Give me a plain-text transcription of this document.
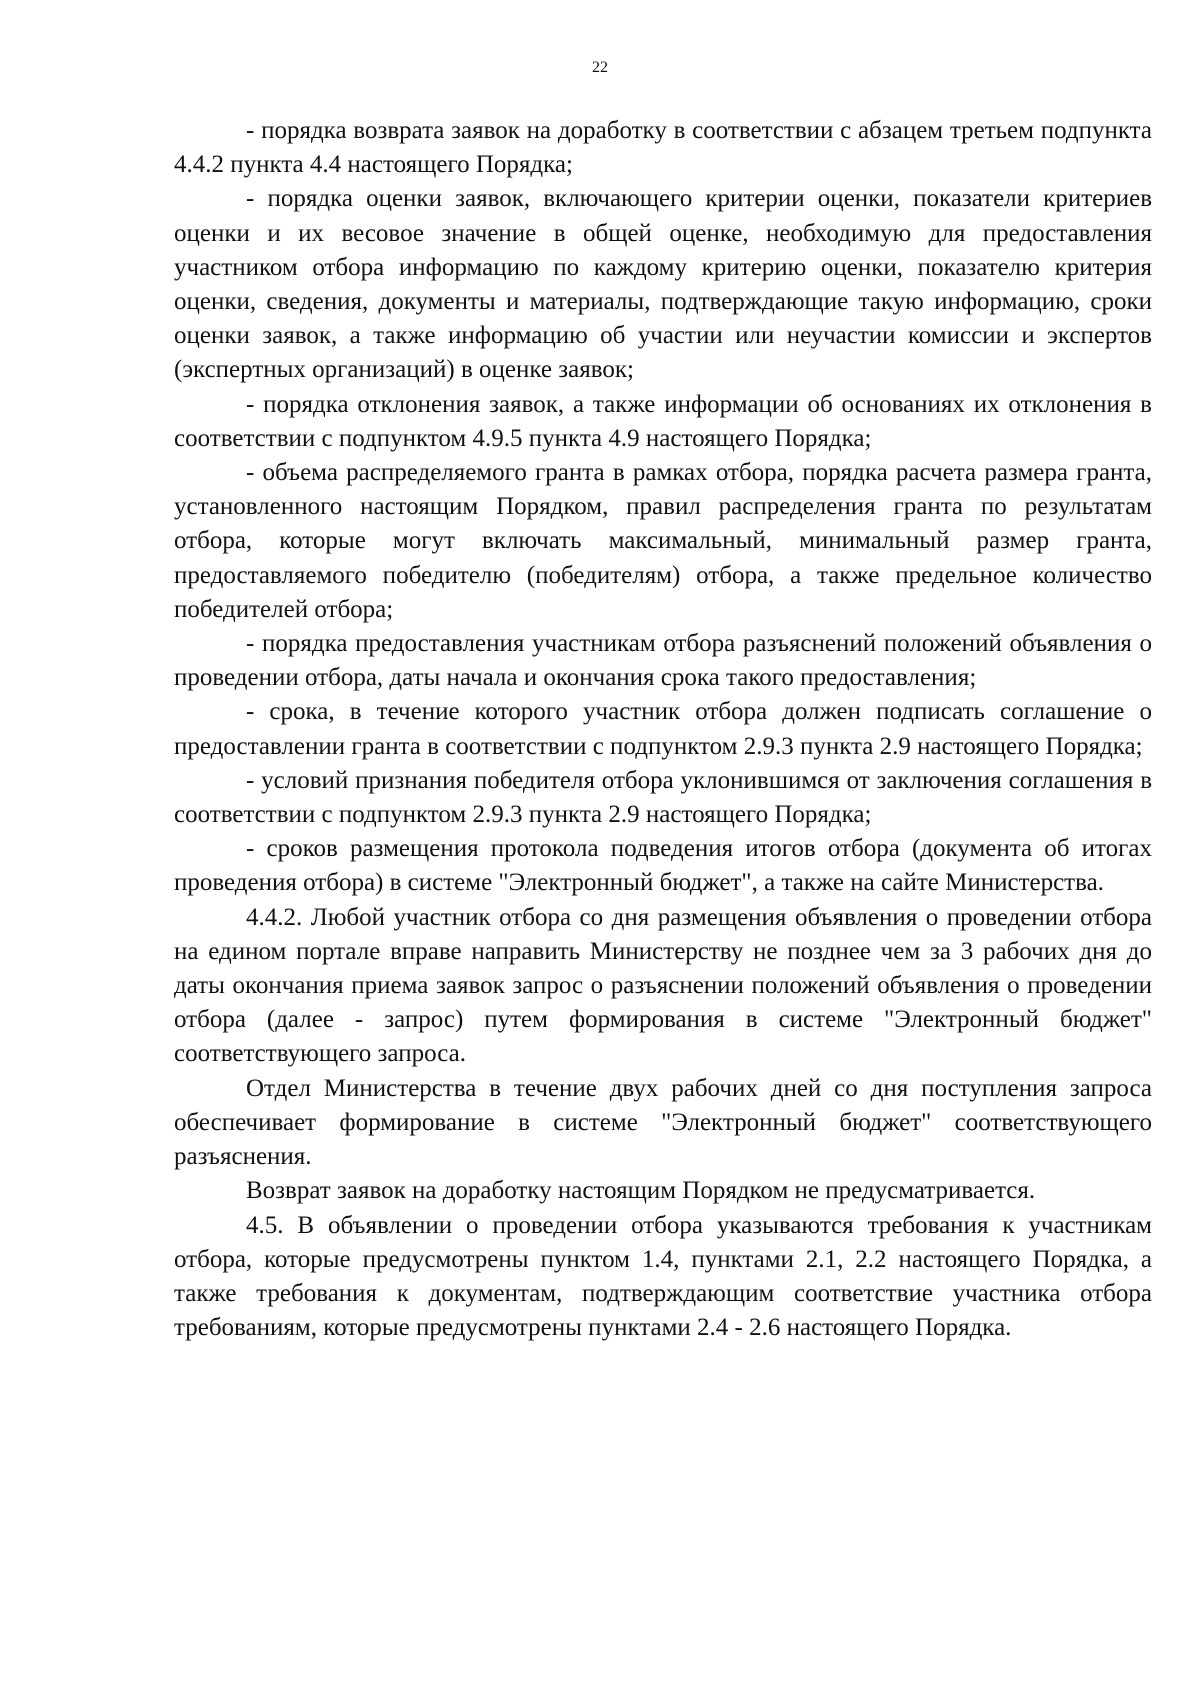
22

- порядка возврата заявок на доработку в соответствии с абзацем третьем подпункта 4.4.2 пункта 4.4 настоящего Порядка;

- порядка оценки заявок, включающего критерии оценки, показатели критериев оценки и их весовое значение в общей оценке, необходимую для предоставления участником отбора информацию по каждому критерию оценки, показателю критерия оценки, сведения, документы и материалы, подтверждающие такую информацию, сроки оценки заявок, а также информацию об участии или неучастии комиссии и экспертов (экспертных организаций) в оценке заявок;

- порядка отклонения заявок, а также информации об основаниях их отклонения в соответствии с подпунктом 4.9.5 пункта 4.9 настоящего Порядка;

- объема распределяемого гранта в рамках отбора, порядка расчета размера гранта, установленного настоящим Порядком, правил распределения гранта по результатам отбора, которые могут включать максимальный, минимальный размер гранта, предоставляемого победителю (победителям) отбора, а также предельное количество победителей отбора;

- порядка предоставления участникам отбора разъяснений положений объявления о проведении отбора, даты начала и окончания срока такого предоставления;

- срока, в течение которого участник отбора должен подписать соглашение о предоставлении гранта в соответствии с подпунктом 2.9.3 пункта 2.9 настоящего Порядка;

- условий признания победителя отбора уклонившимся от заключения соглашения в соответствии с подпунктом 2.9.3 пункта 2.9 настоящего Порядка;

- сроков размещения протокола подведения итогов отбора (документа об итогах проведения отбора) в системе "Электронный бюджет", а также на сайте Министерства.

4.4.2. Любой участник отбора со дня размещения объявления о проведении отбора на едином портале вправе направить Министерству не позднее чем за 3 рабочих дня до даты окончания приема заявок запрос о разъяснении положений объявления о проведении отбора (далее - запрос) путем формирования в системе "Электронный бюджет" соответствующего запроса.

Отдел Министерства в течение двух рабочих дней со дня поступления запроса обеспечивает формирование в системе "Электронный бюджет" соответствующего разъяснения.

Возврат заявок на доработку настоящим Порядком не предусматривается.

4.5. В объявлении о проведении отбора указываются требования к участникам отбора, которые предусмотрены пунктом 1.4, пунктами 2.1, 2.2 настоящего Порядка, а также требования к документам, подтверждающим соответствие участника отбора требованиям, которые предусмотрены пунктами 2.4 - 2.6 настоящего Порядка.
